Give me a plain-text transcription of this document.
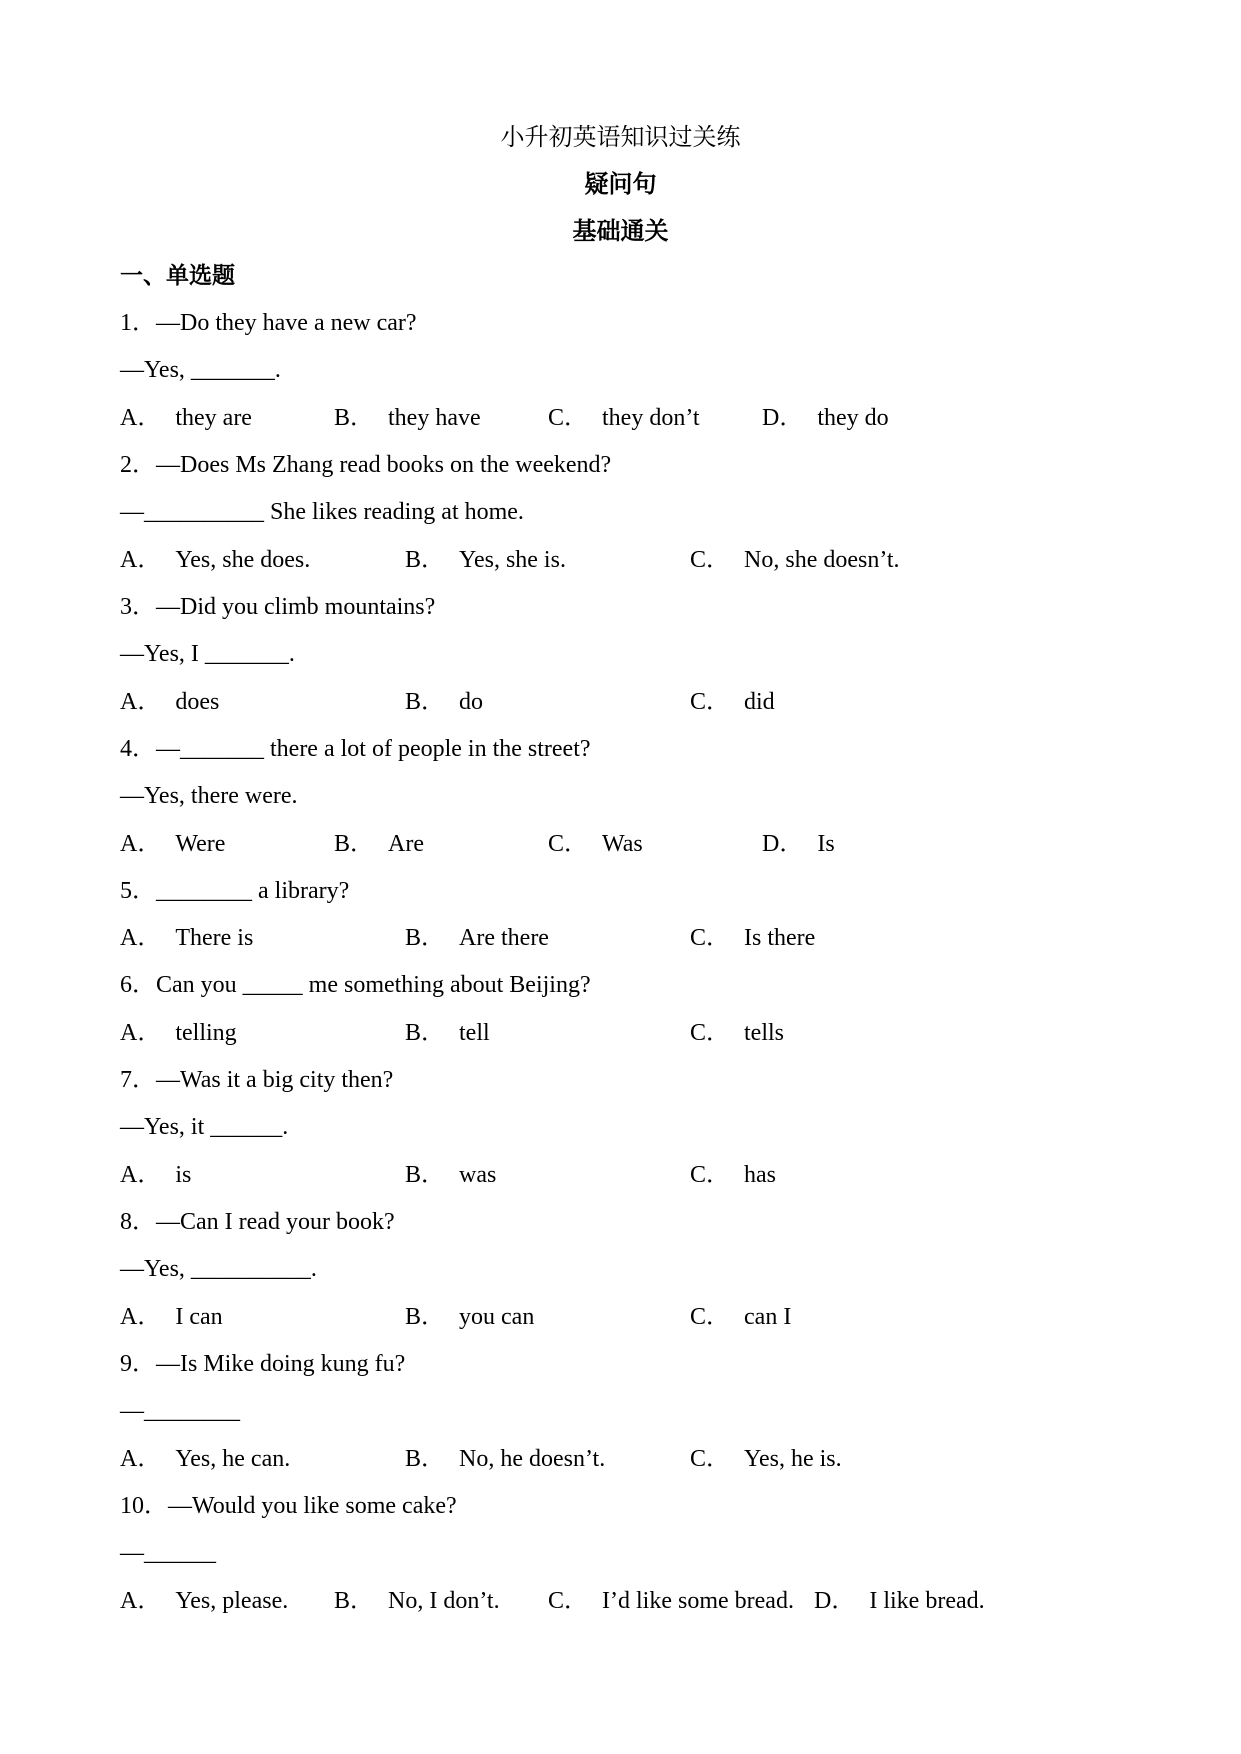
小升初英语知识过关练
疑问句
基础通关
一、单选题
1．—Do they have a new car?
—Yes, _______.
A． they are	B． they have	C． they don’t	D． they do
2．—Does Ms Zhang read books on the weekend?
—__________ She likes reading at home.
A． Yes, she does.	B． Yes, she is.	C． No, she doesn’t.
3．—Did you climb mountains?
—Yes, I _______.
A． does	B． do	C． did
4．—_______ there a lot of people in the street?
—Yes, there were.
A． Were	B． Are	C． Was	D． Is
5．________ a library?
A． There is	B． Are there	C． Is there
6．Can you _____ me something about Beijing?
A． telling	B． tell	C． tells
7．—Was it a big city then?
—Yes, it ______.
A． is	B． was	C． has
8．—Can I read your book?
—Yes, __________.
A． I can	B． you can	C． can I
9．—Is Mike doing kung fu?
—________
A． Yes, he can.	B． No, he doesn’t.	C． Yes, he is.
10．—Would you like some cake?
—______
A． Yes, please. B． No, I don’t. C． I’d like some bread. D． I like bread.
